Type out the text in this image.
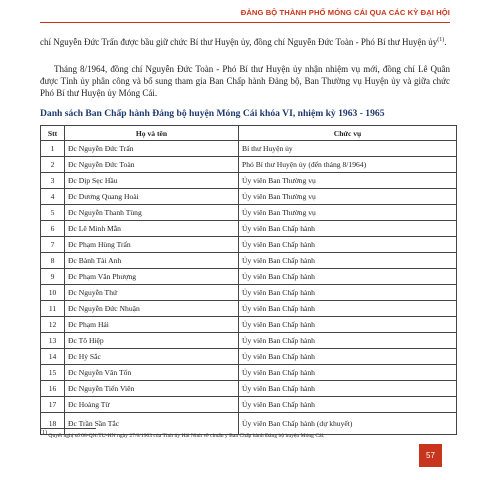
ĐẢNG BỘ THÀNH PHỐ MÓNG CÁI QUA CÁC KỲ ĐẠI HỘI

chí Nguyễn Đức Trấn được bầu giữ chức Bí thư Huyện ủy, đồng chí Nguyễn Đức Toàn - Phó Bí thư Huyện ủy$^{(1)}$.

Tháng 8/1964, đồng chí Nguyễn Đức Toàn - Phó Bí thư Huyện ủy nhận nhiệm vụ mới, đồng chí Lê Quân được Tỉnh ủy phân công và bổ sung tham gia Ban Chấp hành Đảng bộ, Ban Thường vụ Huyện ủy và giữa chức Phó Bí thư Huyện ủy Móng Cái.

Danh sách Ban Chấp hành Đảng bộ huyện Móng Cái khóa VI, nhiệm kỳ 1963 - 1965

Stt	Họ và tên	Chức vụ
1	Đc Nguyễn Đức Trấn	Bí thư Huyện ủy
2	Đc Nguyễn Đức Toàn	Phó Bí thư Huyện ủy (đến tháng 8/1964)
3	Đc Dịp Sẹc Hầu	Ủy viên Ban Thường vụ
4	Đc Dương Quang Hoài	Ủy viên Ban Thường vụ
5	Đc Nguyễn Thanh Tùng	Ủy viên Ban Thường vụ
6	Đc Lê Minh Mẫn	Ủy viên Ban Chấp hành
7	Đc Phạm Hùng Trấn	Ủy viên Ban Chấp hành
8	Đc Bành Tài Anh	Ủy viên Ban Chấp hành
9	Đc Phạm Văn Phượng	Ủy viên Ban Chấp hành
10	Đc Nguyễn Thứ	Ủy viên Ban Chấp hành
11	Đc Nguyễn Đức Nhuận	Ủy viên Ban Chấp hành
12	Đc Phạm Hải	Ủy viên Ban Chấp hành
13	Đc Tô Hiệp	Ủy viên Ban Chấp hành
14	Đc Hỷ Sắc	Ủy viên Ban Chấp hành
15	Đc Nguyễn Văn Tốn	Ủy viên Ban Chấp hành
16	Đc Nguyễn Tiến Viên	Ủy viên Ban Chấp hành
17	Đc Hoàng Từ	Ủy viên Ban Chấp hành
18	Đc Trần Sần Tắc	Ủy viên Ban Chấp hành (dự khuyết)

(1) Quyết nghị số 08-QN/TU-HN ngày 27/6/1963 của Tỉnh ủy Hải Ninh về chuẩn y Ban Chấp hành Đảng bộ huyện Móng Cái.

57
